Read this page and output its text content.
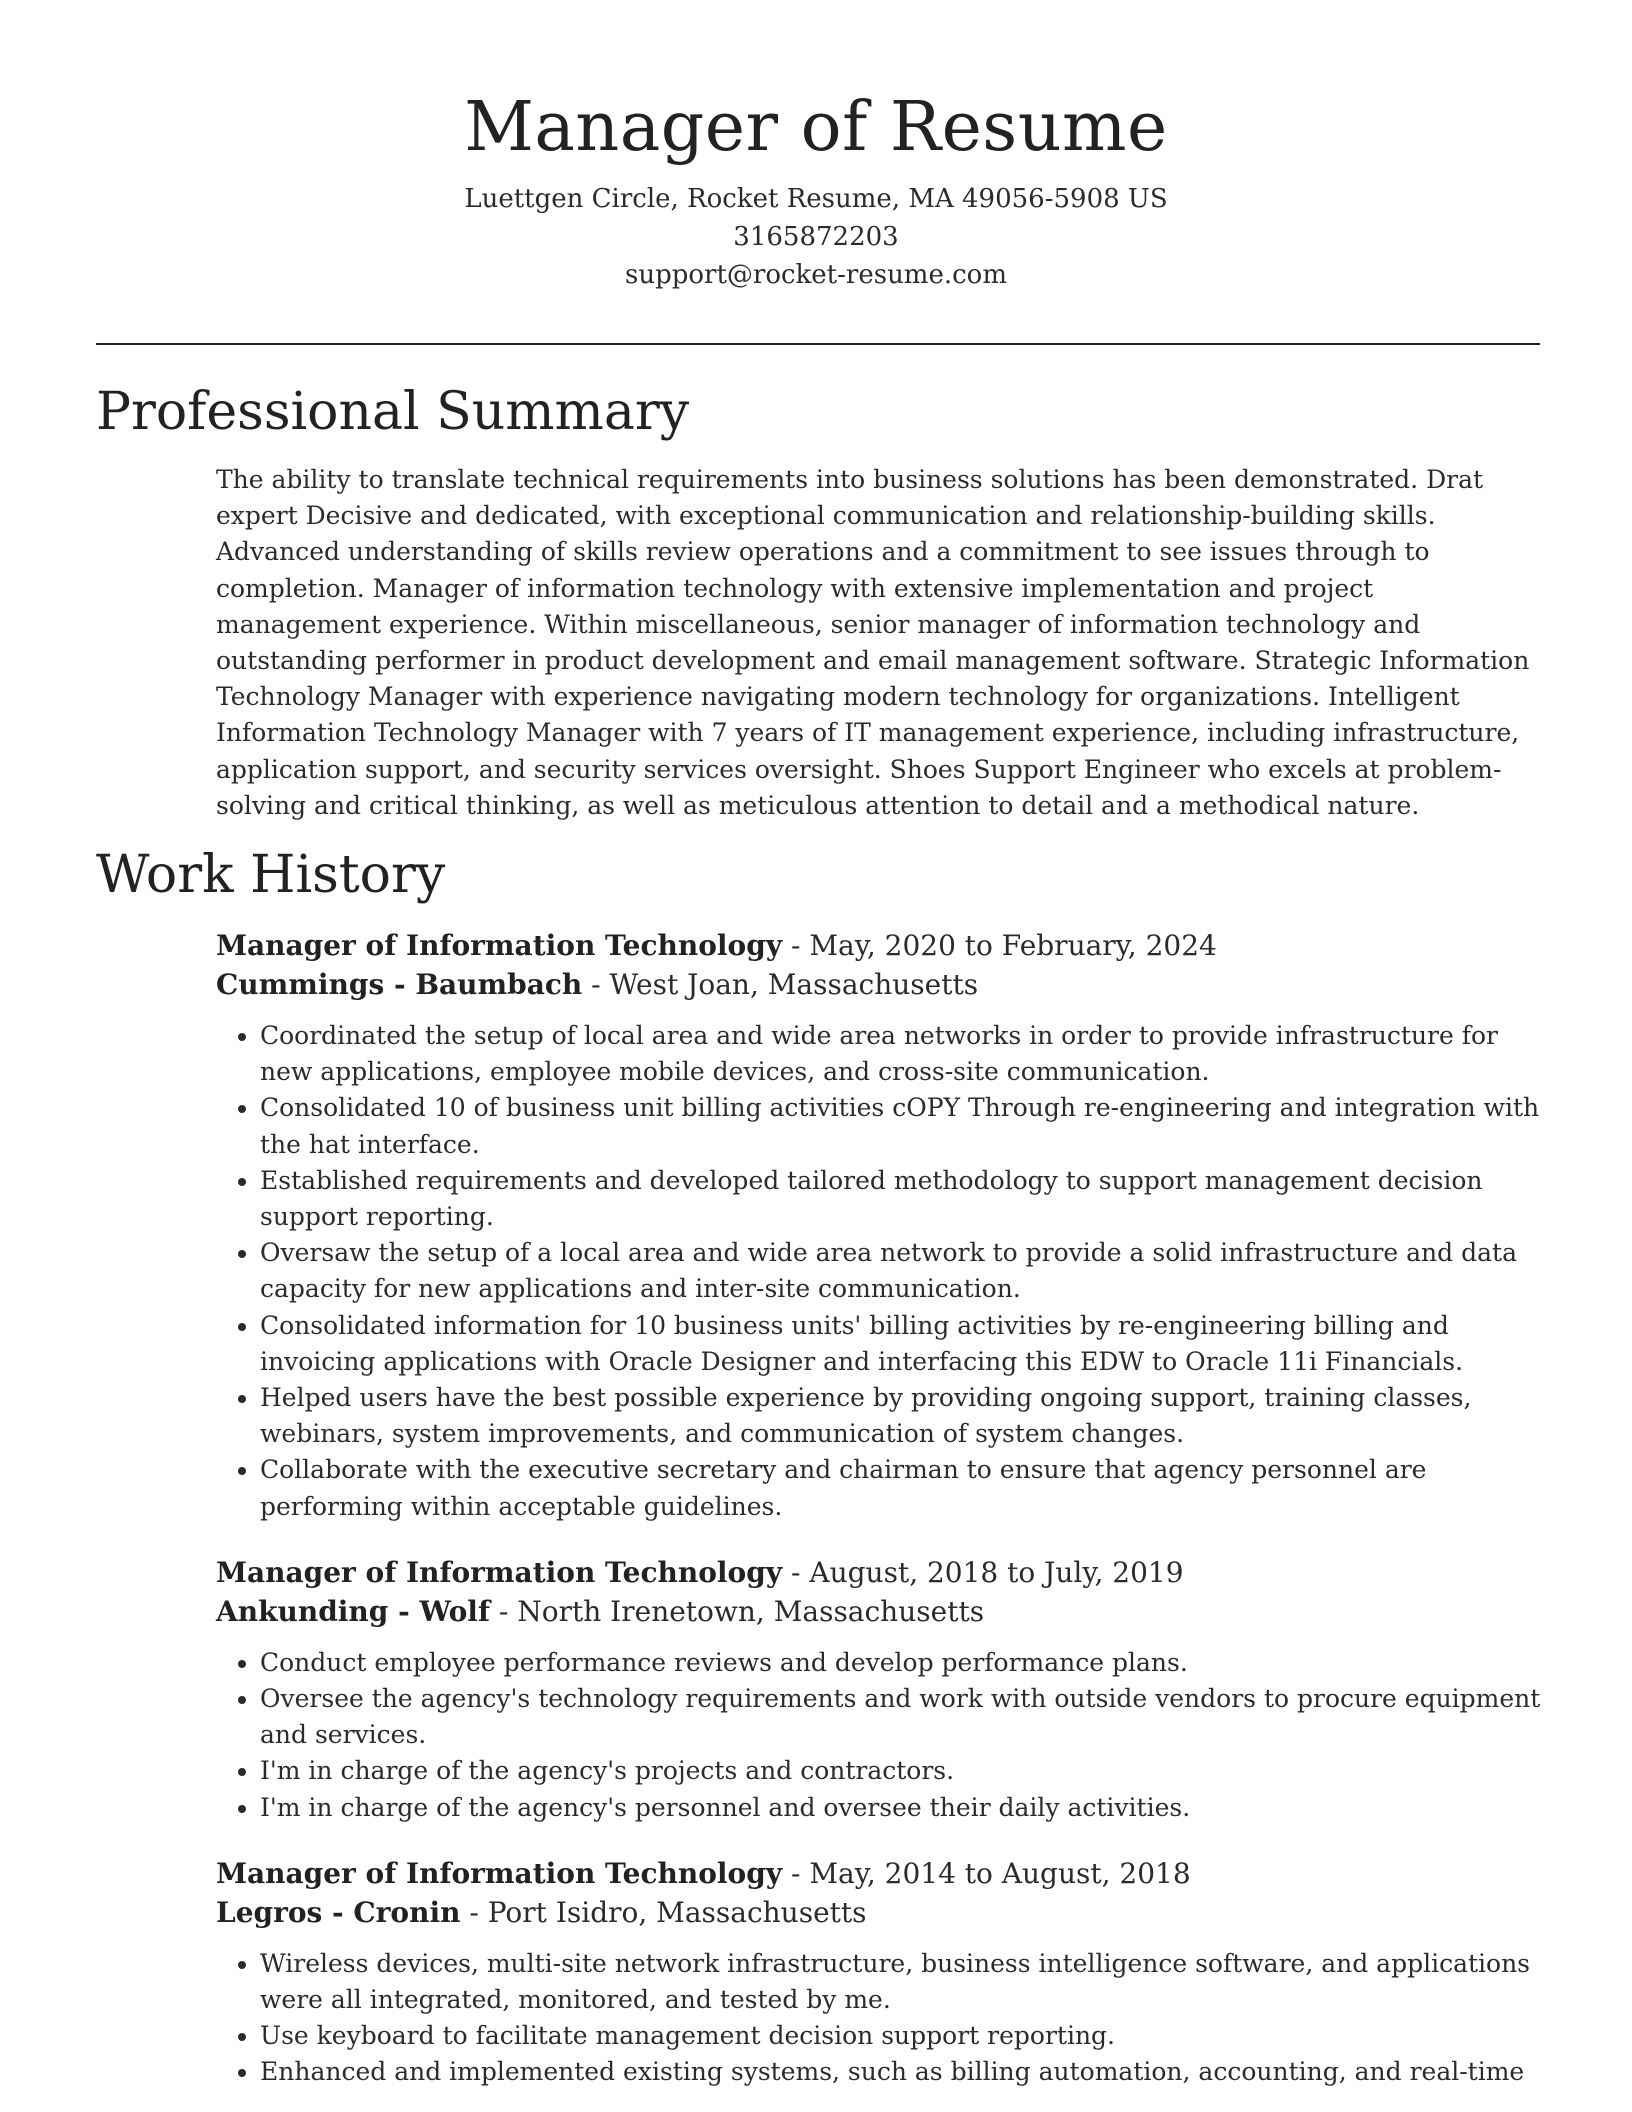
Manager of Resume

Luettgen Circle, Rocket Resume, MA 49056-5908 US

3165872203

support@rocket-resume.com

Professional Summary

The ability to translate technical requirements into business solutions has been demonstrated. Drat expert Decisive and dedicated, with exceptional communication and relationship-building skills. Advanced understanding of skills review operations and a commitment to see issues through to completion. Manager of information technology with extensive implementation and project management experience. Within miscellaneous, senior manager of information technology and outstanding performer in product development and email management software. Strategic Information Technology Manager with experience navigating modern technology for organizations. Intelligent Information Technology Manager with 7 years of IT management experience, including infrastructure, application support, and security services oversight. Shoes Support Engineer who excels at problem-solving and critical thinking, as well as meticulous attention to detail and a methodical nature.

Work History

Manager of Information Technology - May, 2020 to February, 2024

Cummings - Baumbach - West Joan, Massachusetts

• Coordinated the setup of local area and wide area networks in order to provide infrastructure for new applications, employee mobile devices, and cross-site communication.
• Consolidated 10 of business unit billing activities cOPY Through re-engineering and integration with the hat interface.
• Established requirements and developed tailored methodology to support management decision support reporting.
• Oversaw the setup of a local area and wide area network to provide a solid infrastructure and data capacity for new applications and inter-site communication.
• Consolidated information for 10 business units' billing activities by re-engineering billing and invoicing applications with Oracle Designer and interfacing this EDW to Oracle 11i Financials.
• Helped users have the best possible experience by providing ongoing support, training classes, webinars, system improvements, and communication of system changes.
• Collaborate with the executive secretary and chairman to ensure that agency personnel are performing within acceptable guidelines.

Manager of Information Technology - August, 2018 to July, 2019

Ankunding - Wolf - North Irenetown, Massachusetts

• Conduct employee performance reviews and develop performance plans.
• Oversee the agency's technology requirements and work with outside vendors to procure equipment and services.
• I'm in charge of the agency's projects and contractors.
• I'm in charge of the agency's personnel and oversee their daily activities.

Manager of Information Technology - May, 2014 to August, 2018

Legros - Cronin - Port Isidro, Massachusetts

• Wireless devices, multi-site network infrastructure, business intelligence software, and applications were all integrated, monitored, and tested by me.
• Use keyboard to facilitate management decision support reporting.
• Enhanced and implemented existing systems, such as billing automation, accounting, and real-time
